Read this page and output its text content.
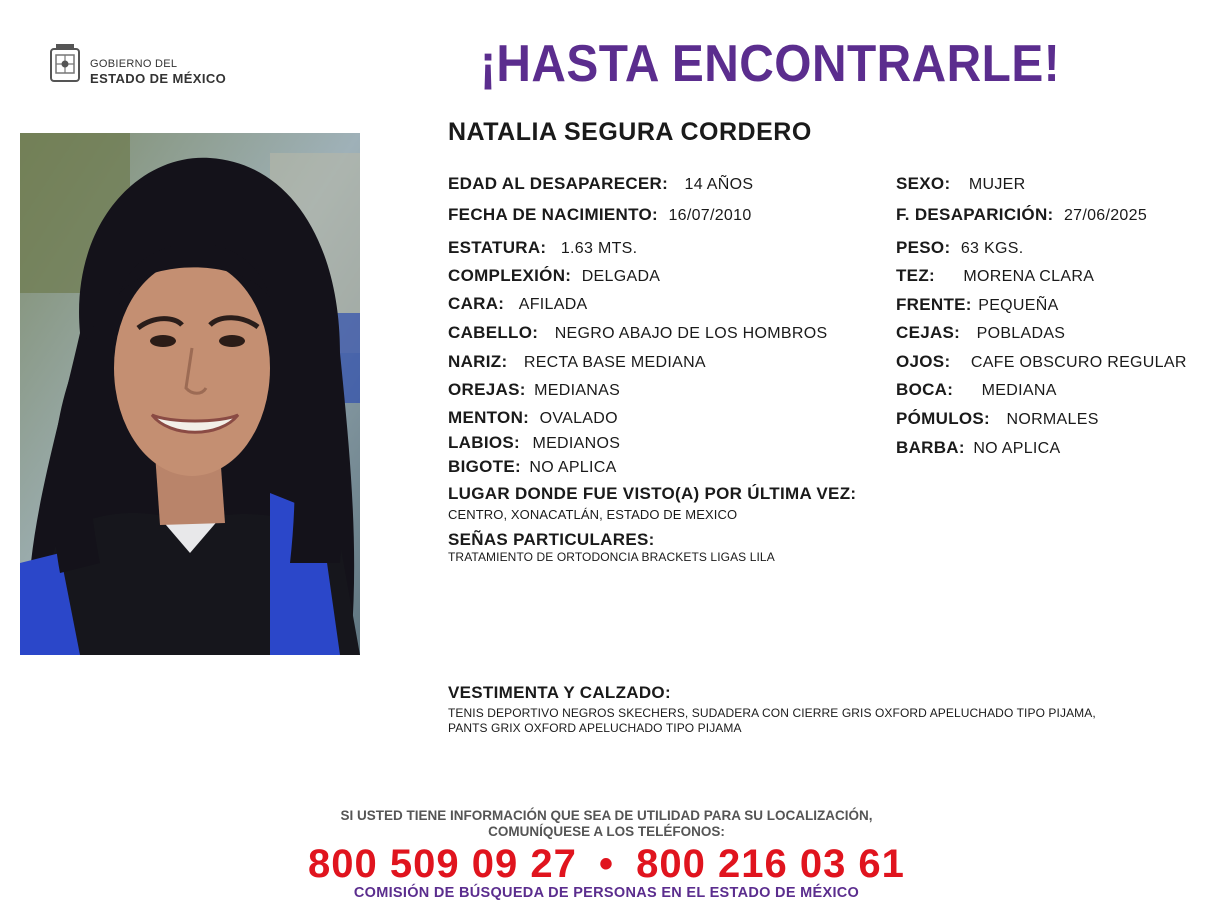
GOBIERNO DEL
ESTADO DE MÉXICO	¡HASTA ENCONTRARLE!
NATALIA SEGURA CORDERO
EDAD AL DESAPARECER: 14 AÑOS
FECHA DE NACIMIENTO: 16/07/2010
ESTATURA: 1.63 MTS.
COMPLEXIÓN: DELGADA
CARA: AFILADA
CABELLO: NEGRO ABAJO DE LOS HOMBROS
NARIZ: RECTA BASE MEDIANA
OREJAS: MEDIANAS
MENTON: OVALADO
LABIOS: MEDIANOS
BIGOTE: NO APLICA
SEXO: MUJER
F. DESAPARICIÓN: 27/06/2025
PESO: 63 KGS.
TEZ: MORENA CLARA
FRENTE: PEQUEÑA
CEJAS: POBLADAS
OJOS: CAFE OBSCURO REGULAR
BOCA: MEDIANA
PÓMULOS: NORMALES
BARBA: NO APLICA
LUGAR DONDE FUE VISTO(A) POR ÚLTIMA VEZ:
CENTRO, XONACATLÁN, ESTADO DE MEXICO
SEÑAS PARTICULARES:
TRATAMIENTO DE ORTODONCIA BRACKETS LIGAS LILA
VESTIMENTA Y CALZADO:
TENIS DEPORTIVO NEGROS SKECHERS, SUDADERA CON CIERRE GRIS OXFORD APELUCHADO TIPO PIJAMA,
PANTS GRIX OXFORD APELUCHADO TIPO PIJAMA
SI USTED TIENE INFORMACIÓN QUE SEA DE UTILIDAD PARA SU LOCALIZACIÓN,
COMUNÍQUESE A LOS TELÉFONOS:
800 509 09 27 • 800 216 03 61
COMISIÓN DE BÚSQUEDA DE PERSONAS EN EL ESTADO DE MÉXICO
